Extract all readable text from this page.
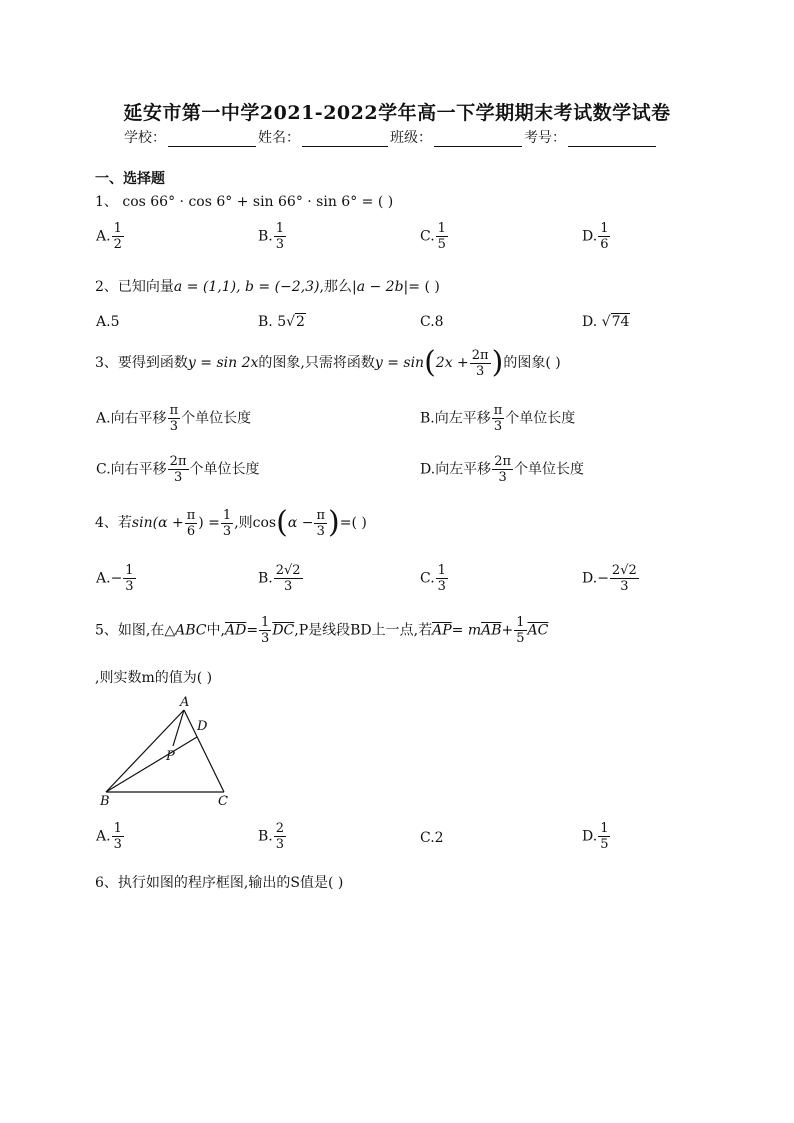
延安市第一中学2021-2022学年高一下学期期末考试数学试卷
学校：	姓名：	班级：	考号：
一、选择题
1、 cos 66° · cos 6° + sin 66° · sin 6° = ( )
A. $\frac{1}{2}$	B. $\frac{1}{3}$	C. $\frac{1}{5}$	D. $\frac{1}{6}$
2、已知向量a = (1,1), b = (−2,3),那么|a − 2b|= ( )
A.5	B. 5√2	C.8	D. √74
3、要得到函数y = sin 2x的图象,只需将函数$y = \sin(2x + \frac{2\pi}{3}$ )的图象( )
A.向右平移 $\frac{\pi}{3}$ 个单位长度	B.向左平移 $\frac{\pi}{3}$ 个单位长度
C.向右平移 $\frac{2\pi}{3}$ 个单位长度	D.向左平移 $\frac{2\pi}{3}$ 个单位长度
4、若$\sin(\alpha + \frac{\pi}{6}$ ) = $\frac{1}{3}$ ,则$\cos(\alpha - \frac{\pi}{3}$ )=( )
$A.- \frac{1}{3}$	B. $\frac{2√2}{3}$	C. $\frac{1}{3}$	$D.- \frac{2√2}{3}$
5、如图,在△ABC中$,\overline{AD}= \frac{1}{3} \overline{DC},P$是线段BD上一点,若$\overline{AP}= m\overline{AB}+ \frac{1}{5} \overline{AC}$
,则实数m的值为( )
A
D
P
B	C
A. $\frac{1}{3}$	B. $\frac{2}{3}$	C.2	D. $\frac{1}{5}$
6、执行如图的程序框图,输出的S值是( )
